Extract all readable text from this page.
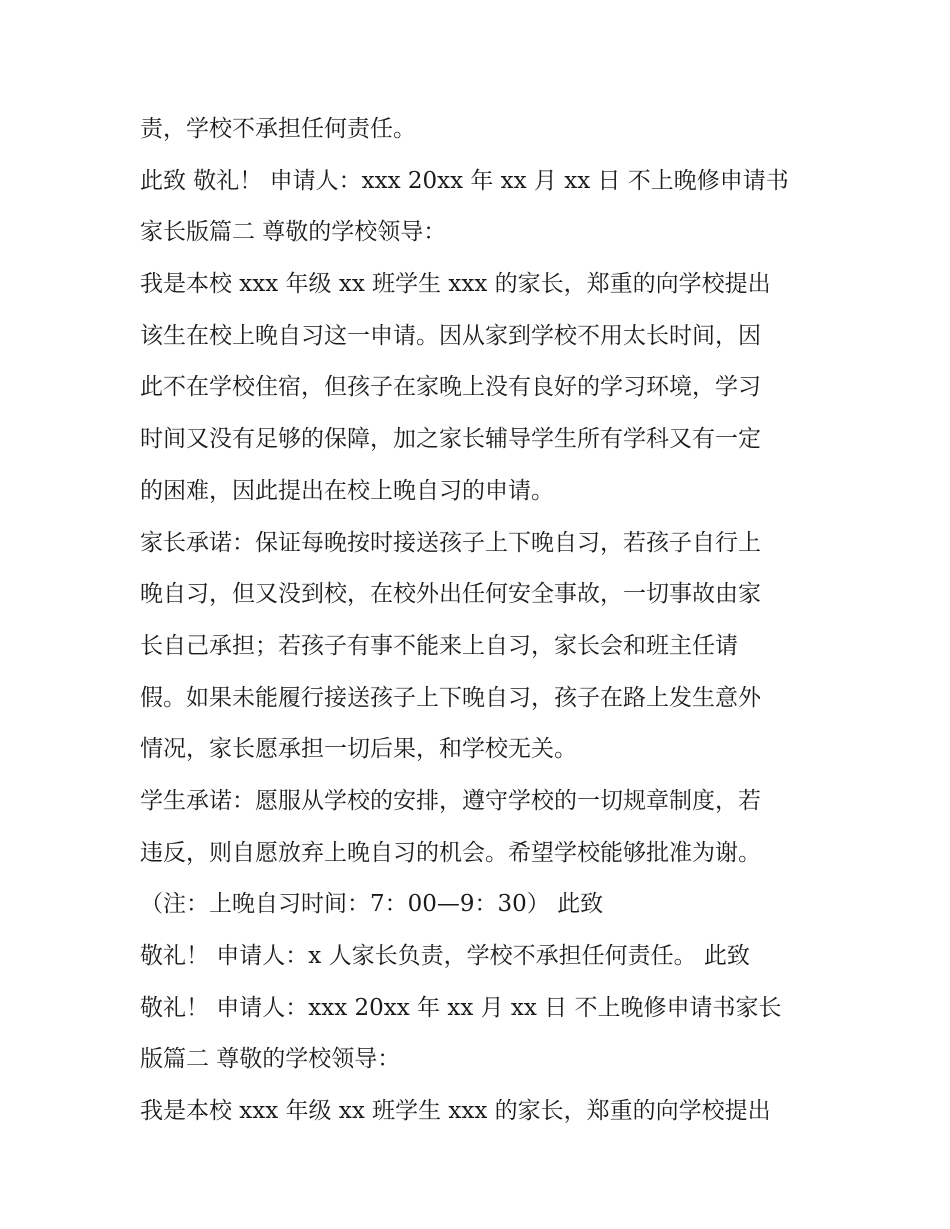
责，学校不承担任何责任。
此致 敬礼！ 申请人：xxx 20xx 年 xx 月 xx 日 不上晚修申请书
家长版篇二 尊敬的学校领导：
我是本校 xxx 年级 xx 班学生 xxx 的家长，郑重的向学校提出
该生在校上晚自习这一申请。因从家到学校不用太长时间，因
此不在学校住宿，但孩子在家晚上没有良好的学习环境，学习
时间又没有足够的保障，加之家长辅导学生所有学科又有一定
的困难，因此提出在校上晚自习的申请。
家长承诺：保证每晚按时接送孩子上下晚自习，若孩子自行上
晚自习，但又没到校，在校外出任何安全事故，一切事故由家
长自己承担；若孩子有事不能来上自习，家长会和班主任请
假。如果未能履行接送孩子上下晚自习，孩子在路上发生意外
情况，家长愿承担一切后果，和学校无关。
学生承诺：愿服从学校的安排，遵守学校的一切规章制度，若
违反，则自愿放弃上晚自习的机会。希望学校能够批准为谢。
（注：上晚自习时间：7：00—9：30） 此致
敬礼！ 申请人：x 人家长负责，学校不承担任何责任。 此致
敬礼！ 申请人：xxx 20xx 年 xx 月 xx 日 不上晚修申请书家长
版篇二 尊敬的学校领导：
我是本校 xxx 年级 xx 班学生 xxx 的家长，郑重的向学校提出
